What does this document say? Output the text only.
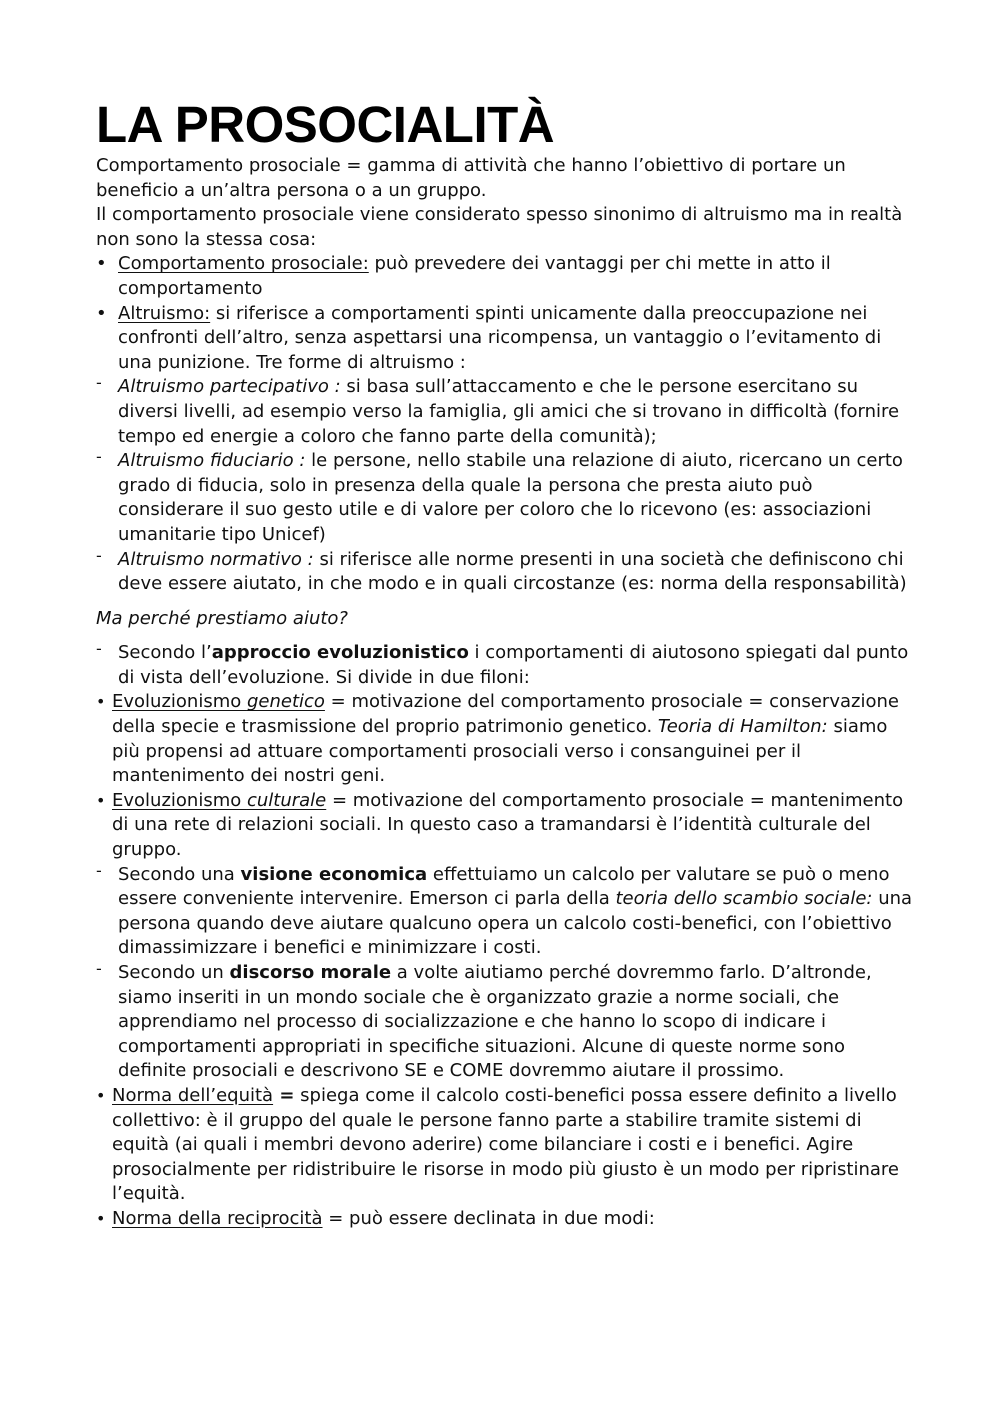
LA PROSOCIALITÀ

Comportamento prosociale = gamma di attività che hanno l’obiettivo di portare un beneficio a un’altra persona o a un gruppo.

Il comportamento prosociale viene considerato spesso sinonimo di altruismo ma in realtà non sono la stessa cosa:

• Comportamento prosociale: può prevedere dei vantaggi per chi mette in atto il comportamento
• Altruismo: si riferisce a comportamenti spinti unicamente dalla preoccupazione nei confronti dell’altro, senza aspettarsi una ricompensa, un vantaggio o l’evitamento di una punizione. Tre forme di altruismo :
- Altruismo partecipativo : si basa sull’attaccamento e che le persone esercitano su diversi livelli, ad esempio verso la famiglia, gli amici che si trovano in difficoltà (fornire tempo ed energie a coloro che fanno parte della comunità);
- Altruismo fiduciario : le persone, nello stabile una relazione di aiuto, ricercano un certo grado di fiducia, solo in presenza della quale la persona che presta aiuto può considerare il suo gesto utile e di valore per coloro che lo ricevono (es: associazioni umanitarie tipo Unicef)
- Altruismo normativo : si riferisce alle norme presenti in una società che definiscono chi deve essere aiutato, in che modo e in quali circostanze (es: norma della responsabilità)

Ma perché prestiamo aiuto?

- Secondo l’approccio evoluzionistico i comportamenti di aiutosono spiegati dal punto di vista dell’evoluzione. Si divide in due filoni:
• Evoluzionismo genetico = motivazione del comportamento prosociale = conservazione della specie e trasmissione del proprio patrimonio genetico. Teoria di Hamilton: siamo più propensi ad attuare comportamenti prosociali verso i consanguinei per il mantenimento dei nostri geni.
• Evoluzionismo culturale = motivazione del comportamento prosociale = mantenimento di una rete di relazioni sociali. In questo caso a tramandarsi è l’identità culturale del gruppo.
- Secondo una visione economica effettuiamo un calcolo per valutare se può o meno essere conveniente intervenire. Emerson ci parla della teoria dello scambio sociale: una persona quando deve aiutare qualcuno opera un calcolo costi-benefici, con l’obiettivo dimassimizzare i benefici e minimizzare i costi.
- Secondo un discorso morale a volte aiutiamo perché dovremmo farlo. D’altronde, siamo inseriti in un mondo sociale che è organizzato grazie a norme sociali, che apprendiamo nel processo di socializzazione e che hanno lo scopo di indicare i comportamenti appropriati in specifiche situazioni. Alcune di queste norme sono definite prosociali e descrivono SE e COME dovremmo aiutare il prossimo.
• Norma dell’equità = spiega come il calcolo costi-benefici possa essere definito a livello collettivo: è il gruppo del quale le persone fanno parte a stabilire tramite sistemi di equità (ai quali i membri devono aderire) come bilanciare i costi e i benefici. Agire prosocialmente per ridistribuire le risorse in modo più giusto è un modo per ripristinare l’equità.
• Norma della reciprocità = può essere declinata in due modi:
